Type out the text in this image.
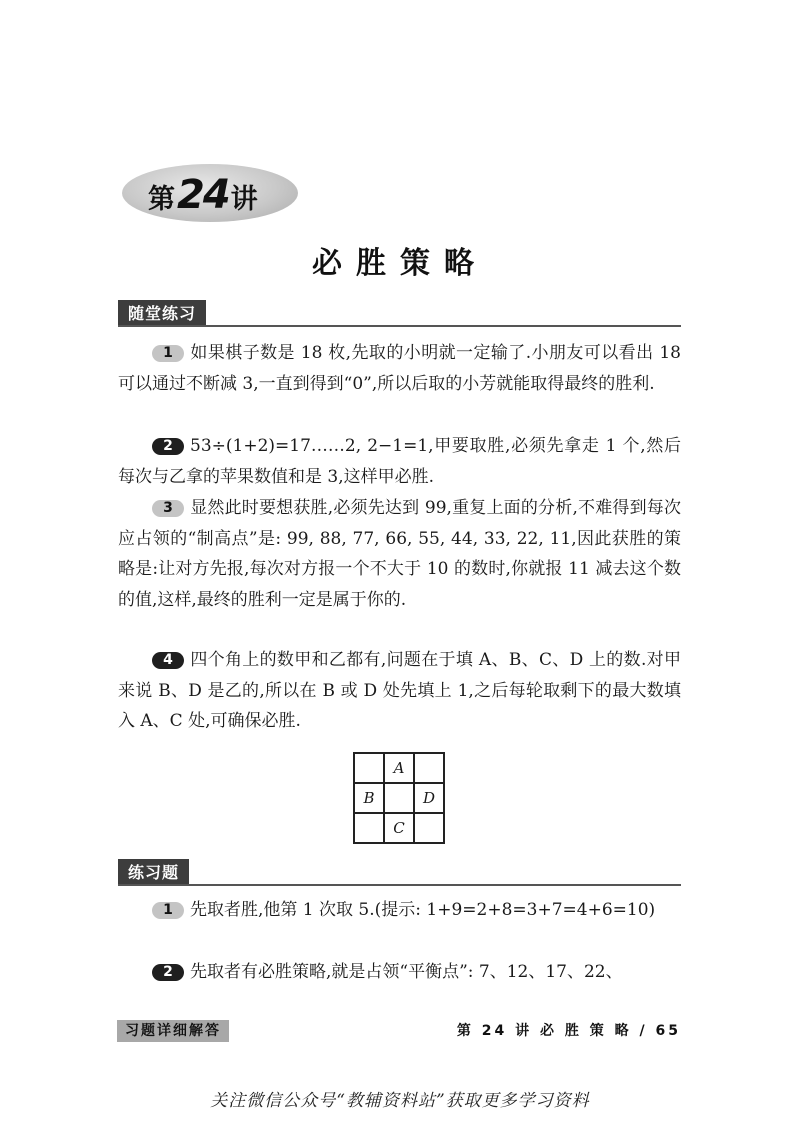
第 24 讲
必胜策略
随堂练习
1 如果棋子数是 18 枚,先取的小明就一定输了.小朋友可以看出 18 可以通过不断减 3,一直到得到“0”,所以后取的小芳就能取得最终的胜利.
2 53÷(1+2)=17……2, 2−1=1,甲要取胜,必须先拿走 1 个,然后每次与乙拿的苹果数值和是 3,这样甲必胜.
3 显然此时要想获胜,必须先达到 99,重复上面的分析,不难得到每次应占领的“制高点”是: 99, 88, 77, 66, 55, 44, 33, 22, 11,因此获胜的策略是:让对方先报,每次对方报一个不大于 10 的数时,你就报 11 减去这个数的值,这样,最终的胜利一定是属于你的.
4 四个角上的数甲和乙都有,问题在于填 A、B、C、D 上的数.对甲来说 B、D 是乙的,所以在 B 或 D 处先填上 1,之后每轮取剩下的最大数填入 A、C 处,可确保必胜.
A
B	D
C
练习题
1 先取者胜,他第 1 次取 5.(提示: 1+9=2+8=3+7=4+6=10)
2 先取者有必胜策略,就是占领“平衡点”: 7、12、17、22、
习题详细解答	第 24 讲 必 胜 策 略 / 65
关注微信公众号“教辅资料站”获取更多学习资料
